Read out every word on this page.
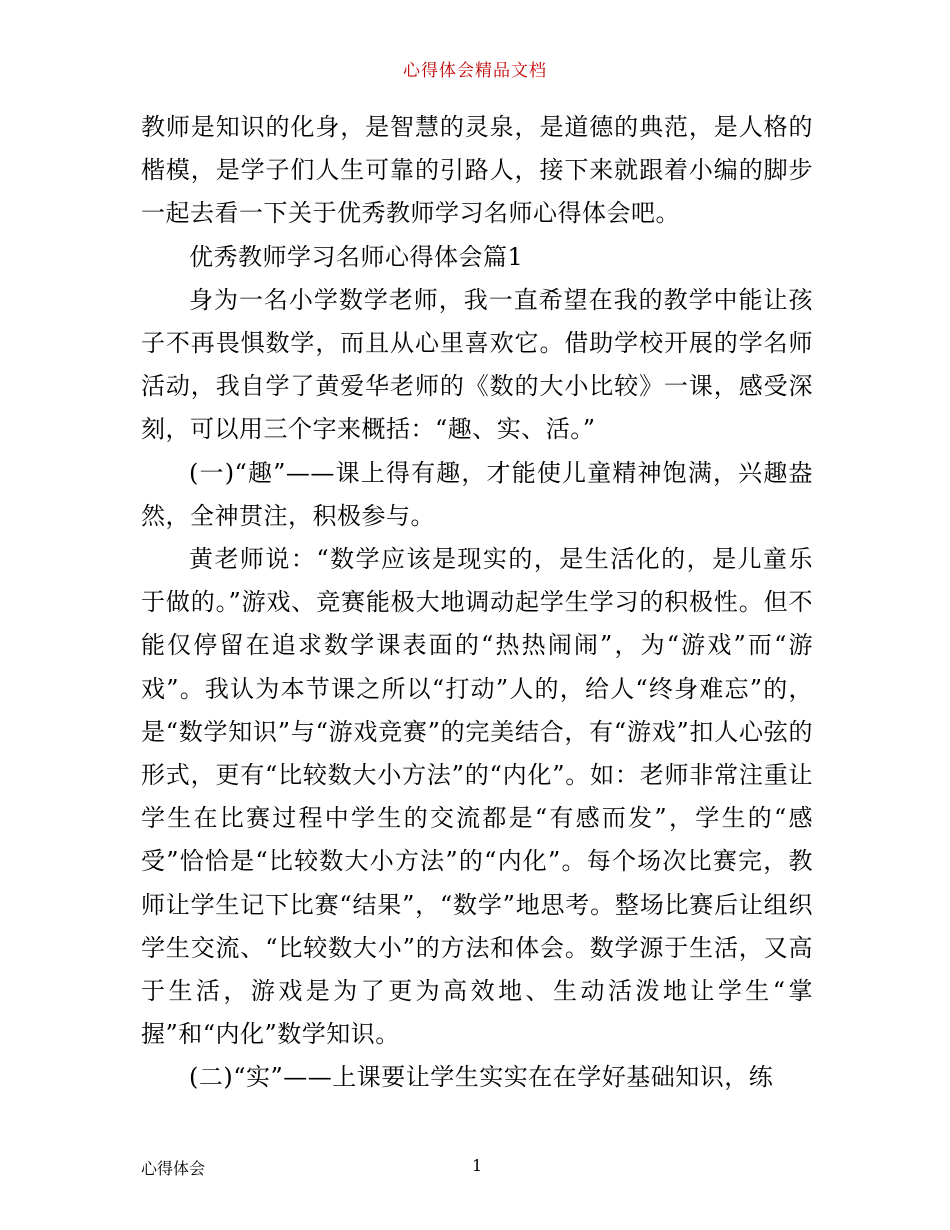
心得体会精品文档

教师是知识的化身，是智慧的灵泉，是道德的典范，是人格的楷模，是学子们人生可靠的引路人，接下来就跟着小编的脚步一起去看一下关于优秀教师学习名师心得体会吧。

优秀教师学习名师心得体会篇1

身为一名小学数学老师，我一直希望在我的教学中能让孩子不再畏惧数学，而且从心里喜欢它。借助学校开展的学名师活动，我自学了黄爱华老师的《数的大小比较》一课，感受深刻，可以用三个字来概括：“趣、实、活。”

(一)“趣”——课上得有趣，才能使儿童精神饱满，兴趣盎然，全神贯注，积极参与。

黄老师说：“数学应该是现实的，是生活化的，是儿童乐于做的。”游戏、竞赛能极大地调动起学生学习的积极性。但不能仅停留在追求数学课表面的“热热闹闹”，为“游戏”而“游戏”。我认为本节课之所以“打动”人的，给人“终身难忘”的，是“数学知识”与“游戏竞赛”的完美结合，有“游戏”扣人心弦的形式，更有“比较数大小方法”的“内化”。如：老师非常注重让学生在比赛过程中学生的交流都是“有感而发”，学生的“感受”恰恰是“比较数大小方法”的“内化”。每个场次比赛完，教师让学生记下比赛“结果”，“数学”地思考。整场比赛后让组织学生交流、“比较数大小”的方法和体会。数学源于生活，又高于生活，游戏是为了更为高效地、生动活泼地让学生“掌握”和“内化”数学知识。

(二)“实”——上课要让学生实实在在学好基础知识，练

心得体会	1
